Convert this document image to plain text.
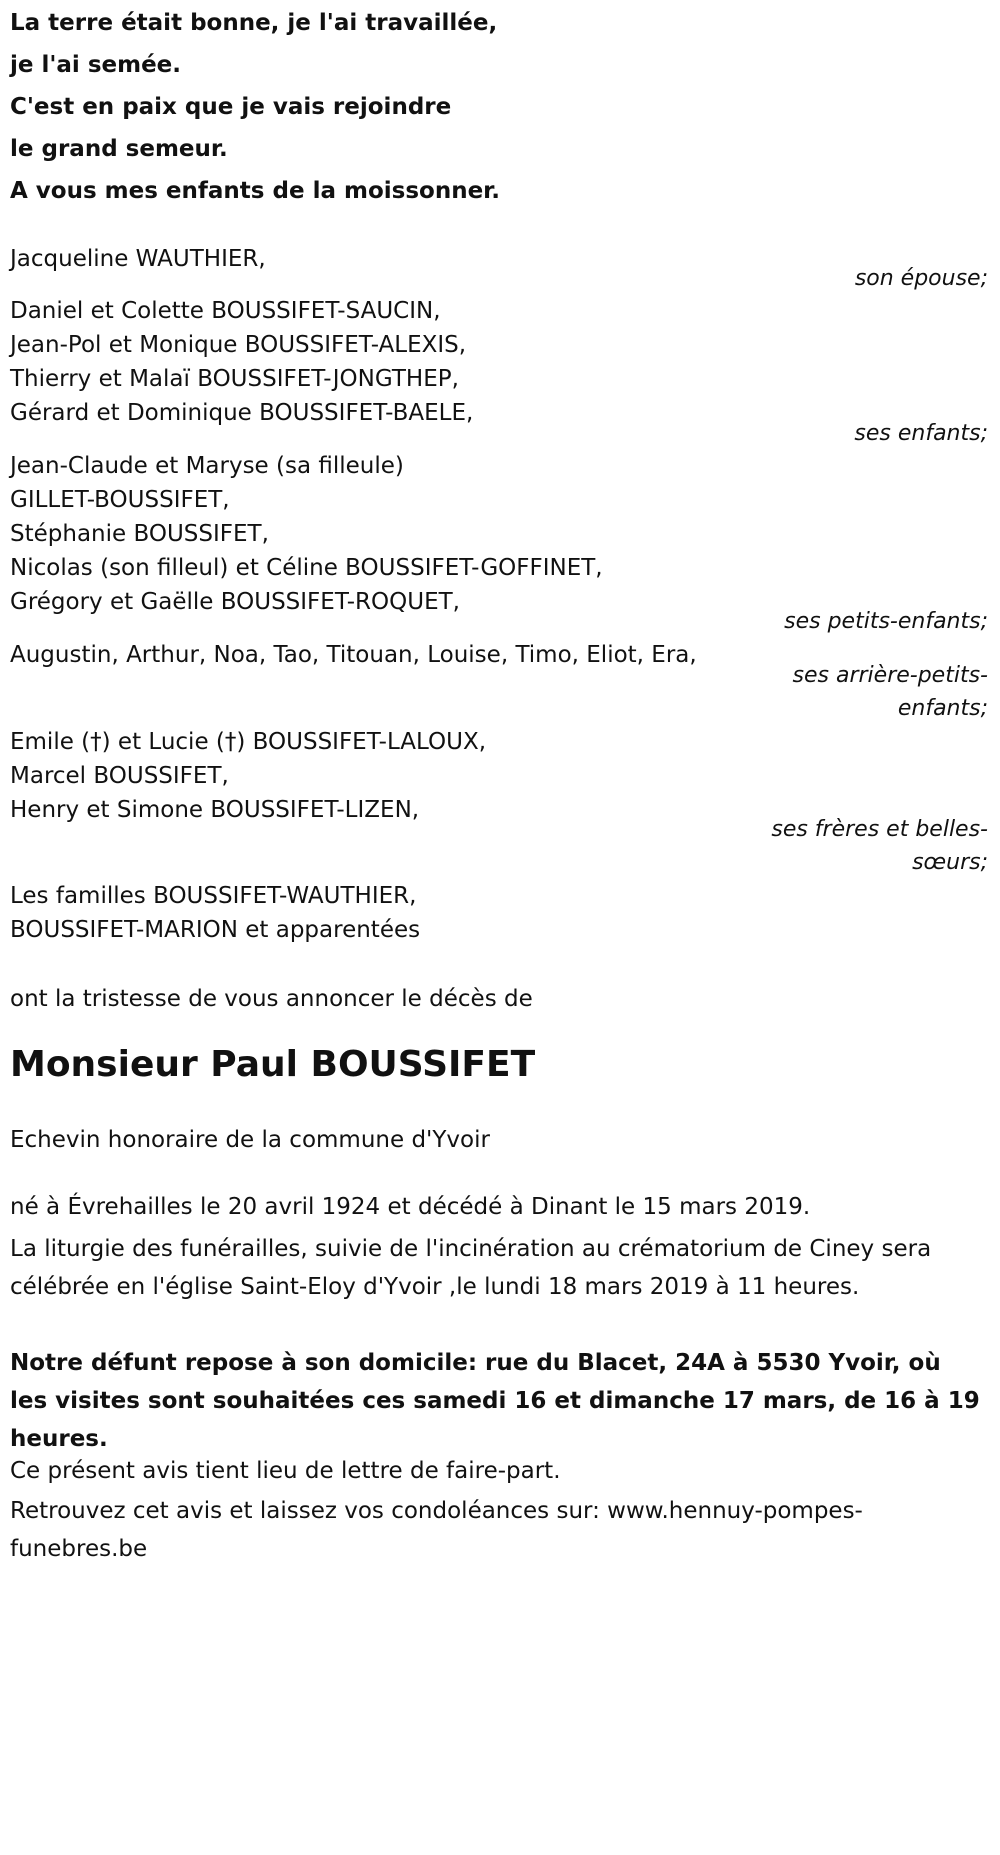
La terre était bonne, je l'ai travaillée,
je l'ai semée.
C'est en paix que je vais rejoindre
le grand semeur.
A vous mes enfants de la moissonner.
Jacqueline WAUTHIER,
son épouse;
Daniel et Colette BOUSSIFET-SAUCIN,
Jean-Pol et Monique BOUSSIFET-ALEXIS,
Thierry et Malaï BOUSSIFET-JONGTHEP,
Gérard et Dominique BOUSSIFET-BAELE,
ses enfants;
Jean-Claude et Maryse (sa filleule)
GILLET-BOUSSIFET,
Stéphanie BOUSSIFET,
Nicolas (son filleul) et Céline BOUSSIFET-GOFFINET,
Grégory et Gaëlle BOUSSIFET-ROQUET,
ses petits-enfants;
Augustin, Arthur, Noa, Tao, Titouan, Louise, Timo, Eliot, Era,
ses arrière-petits-
enfants;
Emile (†) et Lucie (†) BOUSSIFET-LALOUX,
Marcel BOUSSIFET,
Henry et Simone BOUSSIFET-LIZEN,
ses frères et belles-
sœurs;
Les familles BOUSSIFET-WAUTHIER,
BOUSSIFET-MARION et apparentées
ont la tristesse de vous annoncer le décès de
Monsieur Paul BOUSSIFET
Echevin honoraire de la commune d'Yvoir
né à Évrehailles le 20 avril 1924 et décédé à Dinant le 15 mars 2019.
La liturgie des funérailles, suivie de l'incinération au crématorium de Ciney sera célébrée en l'église Saint-Eloy d'Yvoir ,le lundi 18 mars 2019 à 11 heures.
Notre défunt repose à son domicile: rue du Blacet, 24A à 5530 Yvoir, où les visites sont souhaitées ces samedi 16 et dimanche 17 mars, de 16 à 19 heures.
Ce présent avis tient lieu de lettre de faire-part.
Retrouvez cet avis et laissez vos condoléances sur: www.hennuy-pompes-funebres.be
